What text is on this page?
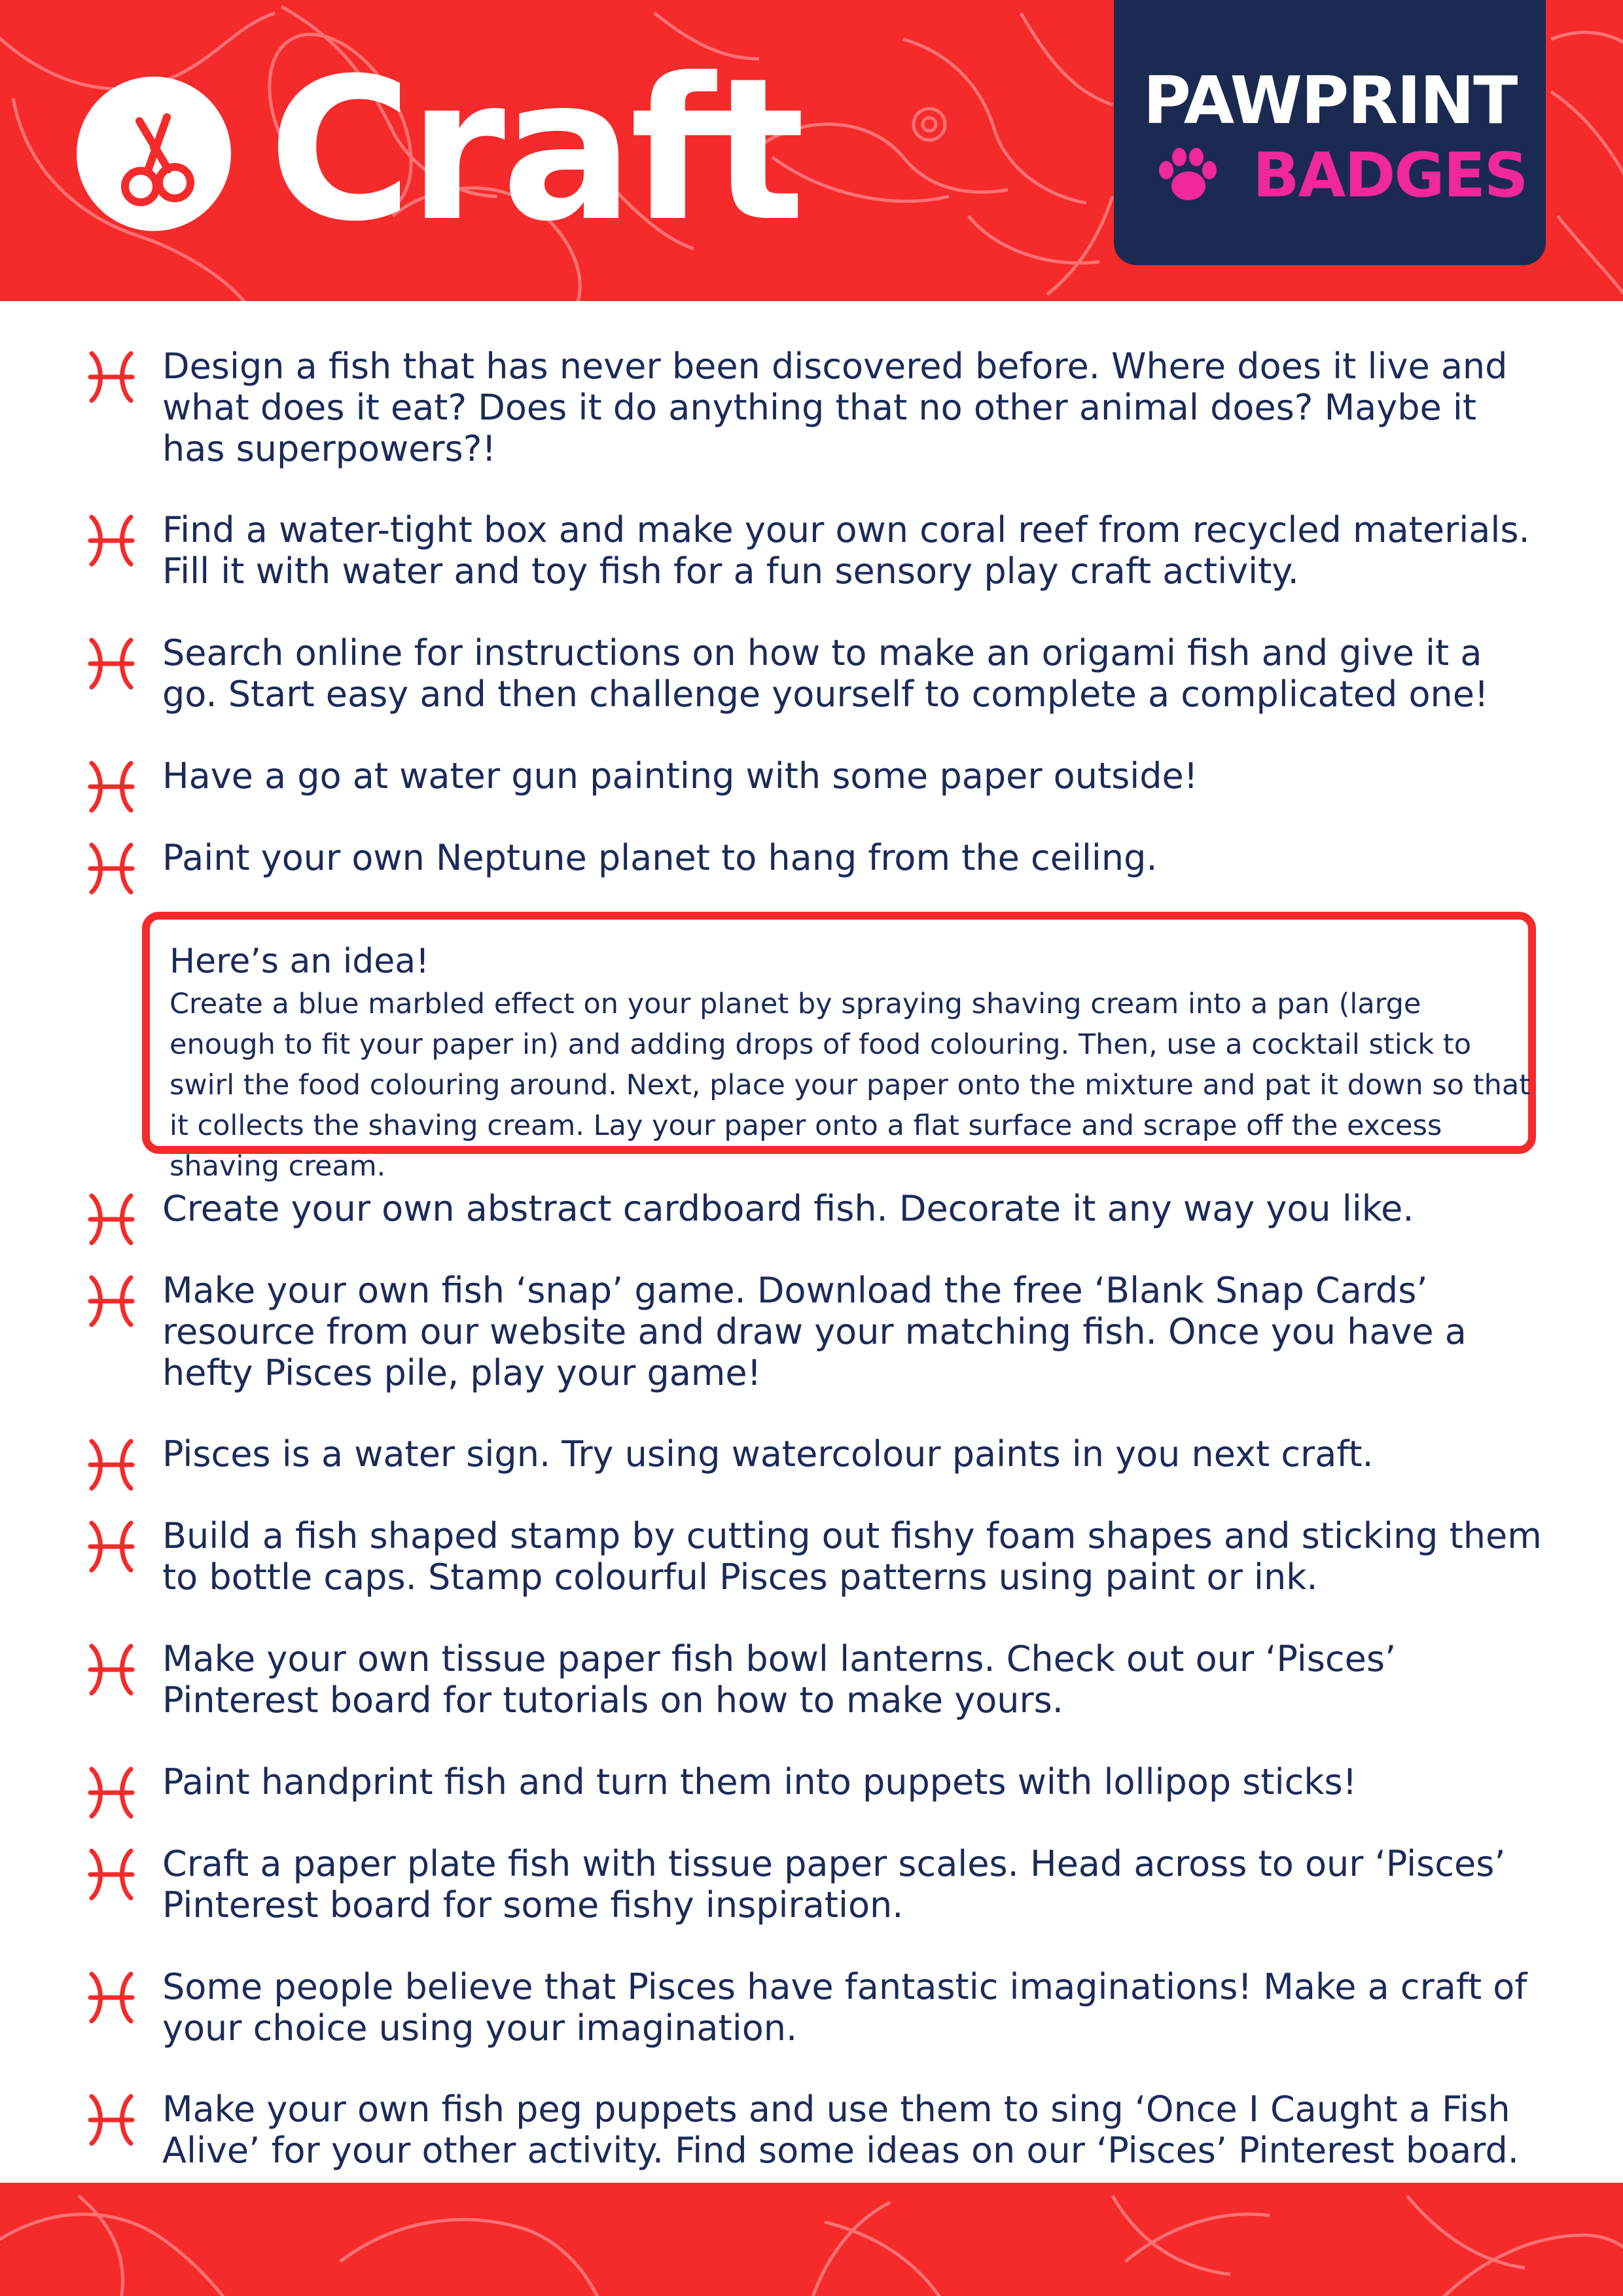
Craft	PAWPRINT
BADGES
Design a fish that has never been discovered before. Where does it live and what does it eat? Does it do anything that no other animal does? Maybe it has superpowers?!
Find a water-tight box and make your own coral reef from recycled materials. Fill it with water and toy fish for a fun sensory play craft activity.
Search online for instructions on how to make an origami fish and give it a go. Start easy and then challenge yourself to complete a complicated one!
Have a go at water gun painting with some paper outside!
Paint your own Neptune planet to hang from the ceiling.
Here’s an idea!
Create a blue marbled effect on your planet by spraying shaving cream into a pan (large enough to fit your paper in) and adding drops of food colouring. Then, use a cocktail stick to swirl the food colouring around. Next, place your paper onto the mixture and pat it down so that it collects the shaving cream. Lay your paper onto a flat surface and scrape off the excess shaving cream.
Create your own abstract cardboard fish. Decorate it any way you like.
Make your own fish ‘snap’ game. Download the free ‘Blank Snap Cards’ resource from our website and draw your matching fish. Once you have a hefty Pisces pile, play your game!
Pisces is a water sign. Try using watercolour paints in you next craft.
Build a fish shaped stamp by cutting out fishy foam shapes and sticking them to bottle caps. Stamp colourful Pisces patterns using paint or ink.
Make your own tissue paper fish bowl lanterns. Check out our ‘Pisces’ Pinterest board for tutorials on how to make yours.
Paint handprint fish and turn them into puppets with lollipop sticks!
Craft a paper plate fish with tissue paper scales. Head across to our ‘Pisces’ Pinterest board for some fishy inspiration.
Some people believe that Pisces have fantastic imaginations! Make a craft of your choice using your imagination.
Make your own fish peg puppets and use them to sing ‘Once I Caught a Fish Alive’ for your other activity. Find some ideas on our ‘Pisces’ Pinterest board.
